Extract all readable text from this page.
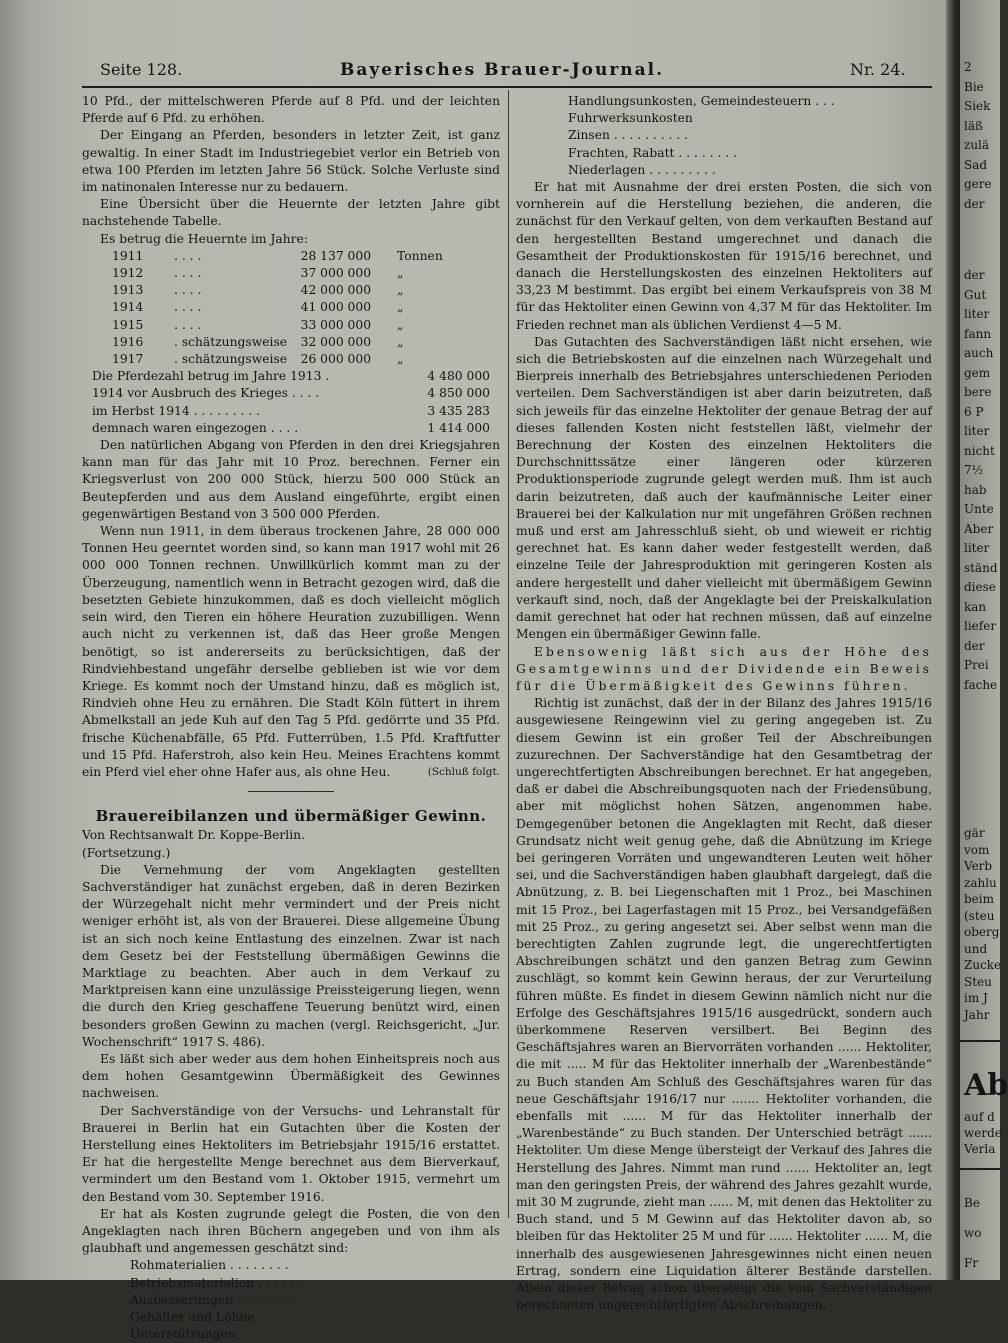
Seite 128.	Bayerisches Brauer-Journal.	Nr. 24.

10 Pfd., der mittelschweren Pferde auf 8 Pfd. und der leichten Pferde auf 6 Pfd. zu erhöhen.

Der Eingang an Pferden, besonders in letzter Zeit, ist ganz gewaltig. In einer Stadt im Industriegebiet verlor ein Betrieb von etwa 100 Pferden im letzten Jahre 56 Stück. Solche Verluste sind im natinonalen Interesse nur zu bedauern.

Eine Übersicht über die Heuernte der letzten Jahre gibt nachstehende Tabelle.

Es betrug die Heuernte im Jahre:

1911	. . . .	28 137 000	Tonnen
1912	. . . .	37 000 000	„
1913	. . . .	42 000 000	„
1914	. . . .	41 000 000	„
1915	. . . .	33 000 000	„
1916	. schätzungsweise	32 000 000	„
1917	. schätzungsweise	26 000 000	„
Die Pferdezahl betrug im Jahre 1913 .	4 480 000
1914 vor Ausbruch des Krieges . . . .	4 850 000
im Herbst 1914 . . . . . . . . .	3 435 283
demnach waren eingezogen . . . .	1 414 000

Den natürlichen Abgang von Pferden in den drei Kriegsjahren kann man für das Jahr mit 10 Proz. berechnen. Ferner ein Kriegsverlust von 200 000 Stück, hierzu 500 000 Stück an Beutepferden und aus dem Ausland eingeführte, ergibt einen gegenwärtigen Bestand von 3 500 000 Pferden.

Wenn nun 1911, in dem überaus trockenen Jahre, 28 000 000 Tonnen Heu geerntet worden sind, so kann man 1917 wohl mit 26 000 000 Tonnen rechnen. Unwillkürlich kommt man zu der Überzeugung, namentlich wenn in Betracht gezogen wird, daß die besetzten Gebiete hinzukommen, daß es doch vielleicht möglich sein wird, den Tieren ein höhere Heuration zuzubilligen. Wenn auch nicht zu verkennen ist, daß das Heer große Mengen benötigt, so ist andererseits zu berücksichtigen, daß der Rindviehbestand ungefähr derselbe geblieben ist wie vor dem Kriege. Es kommt noch der Umstand hinzu, daß es möglich ist, Rindvieh ohne Heu zu ernähren. Die Stadt Köln füttert in ihrem Abmelkstall an jede Kuh auf den Tag 5 Pfd. gedörrte und 35 Pfd. frische Küchenabfälle, 65 Pfd. Futterrüben, 1.5 Pfd. Kraftfutter und 15 Pfd. Haferstroh, also kein Heu. Meines Erachtens kommt ein Pferd viel eher ohne Hafer aus, als ohne Heu.	(Schluß folgt.

Brauereibilanzen und übermäßiger Gewinn.

Von Rechtsanwalt Dr. Koppe-Berlin.

(Fortsetzung.)

Die Vernehmung der vom Angeklagten gestellten Sachverständiger hat zunächst ergeben, daß in deren Bezirken der Würzegehalt nicht mehr vermindert und der Preis nicht weniger erhöht ist, als von der Brauerei. Diese allgemeine Übung ist an sich noch keine Entlastung des einzelnen. Zwar ist nach dem Gesetz bei der Feststellung übermäßigen Gewinns die Marktlage zu beachten. Aber auch in dem Verkauf zu Marktpreisen kann eine unzulässige Preissteigerung liegen, wenn die durch den Krieg geschaffene Teuerung benützt wird, einen besonders großen Gewinn zu machen (vergl. Reichsgericht, „Jur. Wochenschrift“ 1917 S. 486).

Es läßt sich aber weder aus dem hohen Einheitspreis noch aus dem hohen Gesamtgewinn Übermäßigkeit des Gewinnes nachweisen.

Der Sachverständige von der Versuchs- und Lehranstalt für Brauerei in Berlin hat ein Gutachten über die Kosten der Herstellung eines Hektoliters im Betriebsjahr 1915/16 erstattet. Er hat die hergestellte Menge berechnet aus dem Bierverkauf, vermindert um den Bestand vom 1. Oktober 1915, vermehrt um den Bestand vom 30. September 1916.

Er hat als Kosten zugrunde gelegt die Posten, die von den Angeklagten nach ihren Büchern angegeben und von ihm als glaubhaft und angemessen geschätzt sind:

Rohmaterialien . . . . . . . .
Betriebsmaterialien . . . . . .
Ausbesserungen . . . . . . . .
Gehälter und Löhne . . . . . .
Unterstützungen
Handlungsunkosten, Gemeindesteuern . . .
Fuhrwerksunkosten
Zinsen . . . . . . . . . .
Frachten, Rabatt . . . . . . . .
Niederlagen . . . . . . . . .

Er hat mit Ausnahme der drei ersten Posten, die sich von vornherein auf die Herstellung beziehen, die anderen, die zunächst für den Verkauf gelten, von dem verkauften Bestand auf den hergestellten Bestand umgerechnet und danach die Gesamtheit der Produktionskosten für 1915/16 berechnet, und danach die Herstellungskosten des einzelnen Hektoliters auf 33,23 M bestimmt. Das ergibt bei einem Verkaufspreis von 38 M für das Hektoliter einen Gewinn von 4,37 M für das Hektoliter. Im Frieden rechnet man als üblichen Verdienst 4—5 M.

Das Gutachten des Sachverständigen läßt nicht ersehen, wie sich die Betriebskosten auf die einzelnen nach Würzegehalt und Bierpreis innerhalb des Betriebsjahres unterschiedenen Perioden verteilen. Dem Sachverständigen ist aber darin beizutreten, daß sich jeweils für das einzelne Hektoliter der genaue Betrag der auf dieses fallenden Kosten nicht feststellen läßt, vielmehr der Berechnung der Kosten des einzelnen Hektoliters die Durchschnittssätze einer längeren oder kürzeren Produktionsperiode zugrunde gelegt werden muß. Ihm ist auch darin beizutreten, daß auch der kaufmännische Leiter einer Brauerei bei der Kalkulation nur mit ungefähren Größen rechnen muß und erst am Jahresschluß sieht, ob und wieweit er richtig gerechnet hat. Es kann daher weder festgestellt werden, daß einzelne Teile der Jahresproduktion mit geringeren Kosten als andere hergestellt und daher vielleicht mit übermäßigem Gewinn verkauft sind, noch, daß der Angeklagte bei der Preiskalkulation damit gerechnet hat oder hat rechnen müssen, daß auf einzelne Mengen ein übermäßiger Gewinn falle.

Ebensowenig läßt sich aus der Höhe des Gesamtgewinns und der Dividende ein Beweis für die Übermäßigkeit des Gewinns führen.

Richtig ist zunächst, daß der in der Bilanz des Jahres 1915/16 ausgewiesene Reingewinn viel zu gering angegeben ist. Zu diesem Gewinn ist ein großer Teil der Abschreibungen zuzurechnen. Der Sachverständige hat den Gesamtbetrag der ungerechtfertigten Abschreibungen berechnet. Er hat angegeben, daß er dabei die Abschreibungsquoten nach der Friedensübung, aber mit möglichst hohen Sätzen, angenommen habe. Demgegenüber betonen die Angeklagten mit Recht, daß dieser Grundsatz nicht weit genug gehe, daß die Abnützung im Kriege bei geringeren Vorräten und ungewandteren Leuten weit höher sei, und die Sachverständigen haben glaubhaft dargelegt, daß die Abnützung, z. B. bei Liegenschaften mit 1 Proz., bei Maschinen mit 15 Proz., bei Lagerfastagen mit 15 Proz., bei Versandgefäßen mit 25 Proz., zu gering angesetzt sei. Aber selbst wenn man die berechtigten Zahlen zugrunde legt, die ungerechtfertigten Abschreibungen schätzt und den ganzen Betrag zum Gewinn zuschlägt, so kommt kein Gewinn heraus, der zur Verurteilung führen müßte. Es findet in diesem Gewinn nämlich nicht nur die Erfolge des Geschäftsjahres 1915/16 ausgedrückt, sondern auch überkommene Reserven versilbert. Bei Beginn des Geschäftsjahres waren an Biervorräten vorhanden ...... Hektoliter, die mit ..... M für das Hektoliter innerhalb der „Warenbestände“ zu Buch standen Am Schluß des Geschäftsjahres waren für das neue Geschäftsjahr 1916/17 nur ....... Hektoliter vorhanden, die ebenfalls mit ...... M für das Hektoliter innerhalb der „Warenbestände“ zu Buch standen. Der Unterschied beträgt ...... Hektoliter. Um diese Menge übersteigt der Verkauf des Jahres die Herstellung des Jahres. Nimmt man rund ...... Hektoliter an, legt man den geringsten Preis, der während des Jahres gezahlt wurde, mit 30 M zugrunde, zieht man ...... M, mit denen das Hektoliter zu Buch stand, und 5 M Gewinn auf das Hektoliter davon ab, so bleiben für das Hektoliter 25 M und für ...... Hektoliter ...... M, die innerhalb des ausgewiesenen Jahresgewinnes nicht einen neuen Ertrag, sondern eine Liquidation älterer Bestände darstellen. Allein dieser Betrag schon übersteigt die vom Sachverständigen berechneten ungerechtfertigten Abschreibungen.

2
Bie
Siek
läß
zulä
Sad
gere
der
der
Gut
liter
fann
auch
gem
bere
6 P
liter
nicht
7½
hab
Unte
Aber
liter
ständ
diese
kan
liefer
der
Prei
fache
gär
vom
Verb
zahlu
beim
(steu
oberg
und
Zucke
Steu
im J
Jahr
Ab
auf d
werde
Verla
Be
wo
Fr
